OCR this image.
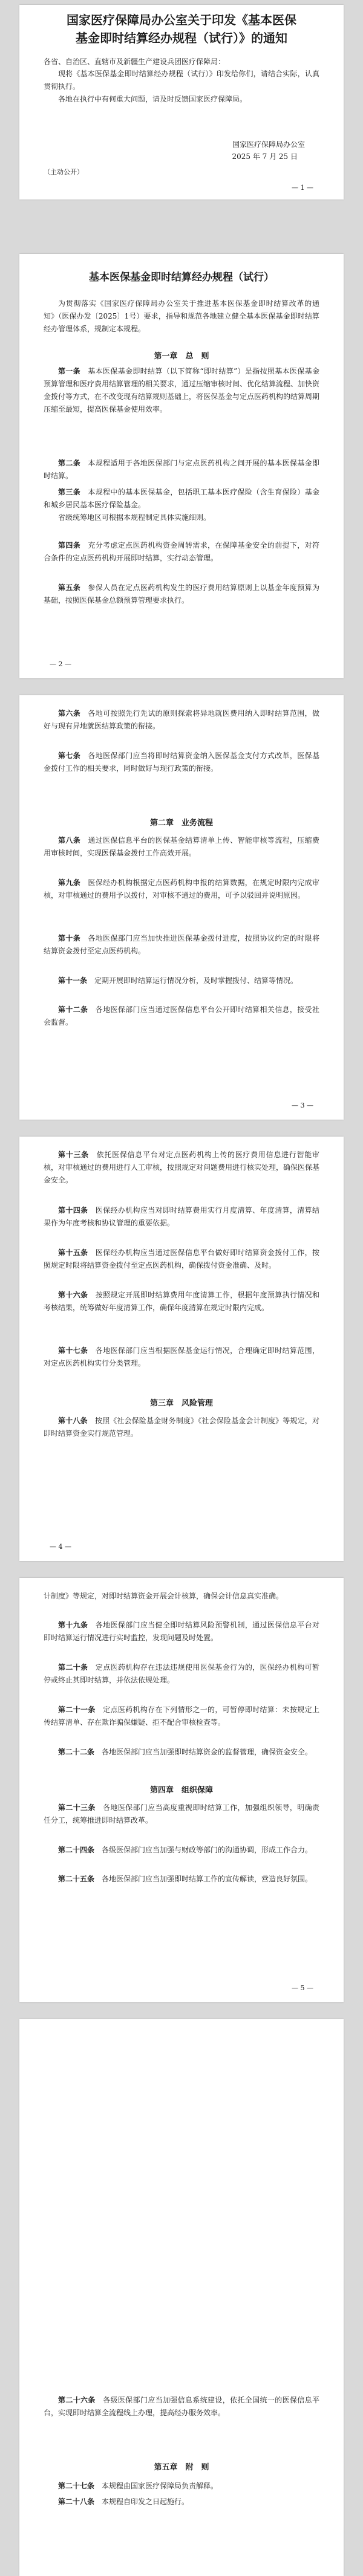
国家医疗保障局办公室关于印发《基本医保
基金即时结算经办规程（试行）》的通知

各省、自治区、直辖市及新疆生产建设兵团医疗保障局：

现将《基本医保基金即时结算经办规程（试行）》印发给你们，请结合实际，认真贯彻执行。

各地在执行中有何重大问题，请及时反馈国家医疗保障局。

国家医疗保障局办公室
2025 年 7 月 25 日
（主动公开）
— 1 —
基本医保基金即时结算经办规程（试行）

为贯彻落实《国家医疗保障局办公室关于推进基本医保基金即时结算改革的通知》（医保办发〔2025〕1号）要求，指导和规范各地建立健全基本医保基金即时结算经办管理体系，规制定本规程。

第一章　总　则

第一条　 基本医保基金即时结算（以下简称“即时结算”）是指按照基本医保基金预算管理和医疗费用结算管理的相关要求，通过压缩审核时间、优化结算流程、加快资金拨付等方式，在不改变现有结算规则基础上，将医保基金与定点医药机构的结算周期压缩至最短，提高医保基金使用效率。

第二条　 本规程适用于各地医保部门与定点医药机构之间开展的基本医保基金即时结算。

第三条　 本规程中的基本医保基金，包括职工基本医疗保险（含生育保险）基金和城乡居民基本医疗保险基金。

省级统筹地区可根据本规程制定具体实施细则。

第四条　 充分考虑定点医药机构资金周转需求，在保障基金安全的前提下，对符合条件的定点医药机构开展即时结算，实行动态管理。

第五条　 参保人员在定点医药机构发生的医疗费用结算原则上以基金年度预算为基础，按照医保基金总额预算管理要求执行。

— 2 —

第六条　 各地可按照先行先试的原则探索将异地就医费用纳入即时结算范围，做好与现有异地就医结算政策的衔接。

第七条　 各地医保部门应当将即时结算资金纳入医保基金支付方式改革，医保基金拨付工作的相关要求，同时做好与现行政策的衔接。

第二章　业务流程

第八条　 通过医保信息平台的医保基金结算清单上传、智能审核等流程，压缩费用审核时间，实现医保基金拨付工作高效开展。

第九条　 医保经办机构根据定点医药机构申报的结算数据，在规定时限内完成审核，对审核通过的费用予以拨付，对审核不通过的费用，可予以驳回并说明原因。

第十条　 各地医保部门应当加快推进医保基金拨付进度，按照协议约定的时限将结算资金拨付至定点医药机构。

第十一条　 定期开展即时结算运行情况分析，及时掌握拨付、结算等情况。

第十二条　 各地医保部门应当通过医保信息平台公开即时结算相关信息，接受社会监督。

— 3 —

第十三条　 依托医保信息平台对定点医药机构上传的医疗费用信息进行智能审核，对审核通过的费用进行人工审核，按照规定对问题费用进行核实处理，确保医保基金安全。

第十四条　 医保经办机构应当对即时结算费用实行月度清算、年度清算，清算结果作为年度考核和协议管理的重要依据。

第十五条　 医保经办机构应当通过医保信息平台做好即时结算资金拨付工作，按照规定时限将结算资金拨付至定点医药机构，确保拨付资金准确、及时。

第十六条　 按照规定开展即时结算费用年度清算工作，根据年度预算执行情况和考核结果，统筹做好年度清算工作，确保年度清算在规定时限内完成。

第十七条　 各地医保部门应当根据医保基金运行情况，合理确定即时结算范围，对定点医药机构实行分类管理。

第三章　风险管理

第十八条　 按照《社会保险基金财务制度》《社会保险基金会计制度》等规定，对即时结算资金实行规范管理。

— 4 —

计制度》等规定，对即时结算资金开展会计核算，确保会计信息真实准确。

第十九条　 各地医保部门应当健全即时结算风险预警机制，通过医保信息平台对即时结算运行情况进行实时监控，发现问题及时处置。

第二十条　 定点医药机构存在违法违规使用医保基金行为的，医保经办机构可暂停或终止其即时结算，并依法依规处理。

第二十一条　 定点医药机构存在下列情形之一的，可暂停即时结算：未按规定上传结算清单、存在欺诈骗保嫌疑、拒不配合审核检查等。

第二十二条　 各地医保部门应当加强即时结算资金的监督管理，确保资金安全。

第四章　组织保障

第二十三条　 各地医保部门应当高度重视即时结算工作，加强组织领导，明确责任分工，统筹推进即时结算改革。

第二十四条　 各级医保部门应当加强与财政等部门的沟通协调，形成工作合力。

第二十五条　 各地医保部门应当加强即时结算工作的宣传解读，营造良好氛围。

— 5 —

第二十六条　 各级医保部门应当加强信息系统建设，依托全国统一的医保信息平台，实现即时结算全流程线上办理，提高经办服务效率。

第五章　附　则

第二十七条　 本规程由国家医疗保障局负责解释。

第二十八条　 本规程自印发之日起施行。
